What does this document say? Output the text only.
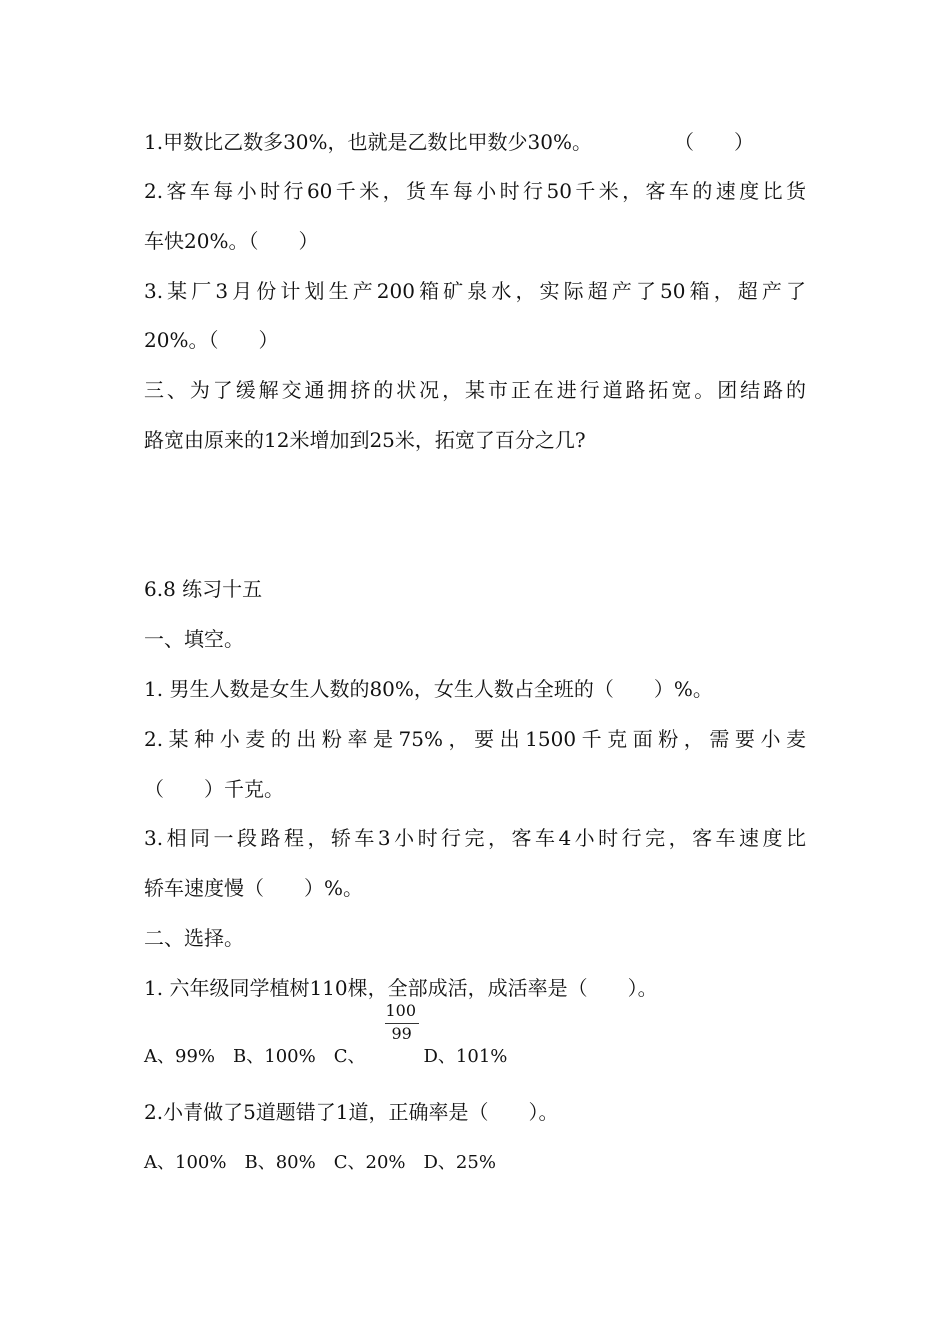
1.甲数比乙数多30%，也就是乙数比甲数少30%。	（　　）
2.客车每小时行60千米，货车每小时行50千米，客车的速度比货
车快20%。（　　）
3.某厂3月份计划生产200箱矿泉水，实际超产了50箱，超产了
20%。（　　）
三、为了缓解交通拥挤的状况，某市正在进行道路拓宽。团结路的
路宽由原来的12米增加到25米，拓宽了百分之几?
6.8 练习十五
一、填空。
1. 男生人数是女生人数的80%，女生人数占全班的（　　）%。
2.某种小麦的出粉率是75%，要出1500千克面粉，需要小麦
（　　）千克。
3.相同一段路程，轿车3小时行完，客车4小时行完，客车速度比
轿车速度慢（　　）%。
二、选择。
1. 六年级同学植树110棵，全部成活，成活率是（　　）。
A、99% B、100% C、 $\frac{100}{99}$	D、101%
2.小青做了5道题错了1道，正确率是（　　）。
A、100% B、80% C、20% D、25%
